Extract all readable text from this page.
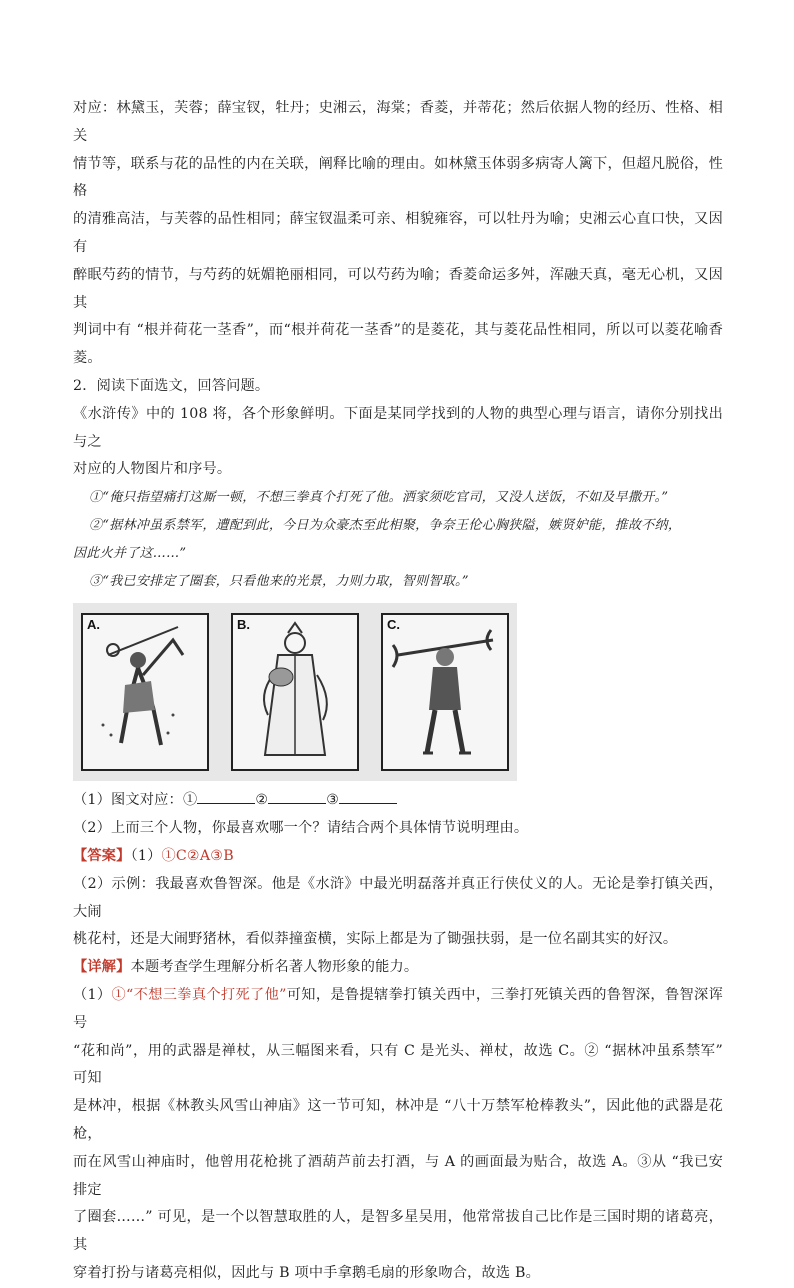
对应：林黛玉，芙蓉；薛宝钗，牡丹；史湘云，海棠；香菱，并蒂花；然后依据人物的经历、性格、相关

情节等，联系与花的品性的内在关联，阐释比喻的理由。如林黛玉体弱多病寄人篱下，但超凡脱俗，性格

的清雅高洁，与芙蓉的品性相同；薛宝钗温柔可亲、相貌雍容，可以牡丹为喻；史湘云心直口快，又因有

醉眠芍药的情节，与芍药的妩媚艳丽相同，可以芍药为喻；香菱命运多舛，浑融天真，毫无心机，又因其

判词中有 “根并荷花一茎香”，而“根并荷花一茎香”的是菱花，其与菱花品性相同，所以可以菱花喻香菱。

2．阅读下面选文，回答问题。

《水浒传》中的 108 将，各个形象鲜明。下面是某同学找到的人物的典型心理与语言，请你分别找出与之

对应的人物图片和序号。

①“俺只指望痛打这厮一顿，不想三拳真个打死了他。洒家须吃官司，又没人送饭，不如及早撒开。”

②“据林冲虽系禁军，遭配到此，今日为众豪杰至此相聚，争奈王伦心胸狭隘，嫉贤妒能，推故不纳，

因此火并了这……”

③“我已安排定了圈套，只看他来的光景，力则力取，智则智取。”

A.	B.	C.

（1）图文对应：①	②	③

（2）上而三个人物，你最喜欢哪一个？请结合两个具体情节说明理由。

【答案】（1）①C②A③B

（2）示例：我最喜欢鲁智深。他是《水浒》中最光明磊落并真正行侠仗义的人。无论是拳打镇关西，大闹

桃花村，还是大闹野猪林，看似莽撞蛮横，实际上都是为了锄强扶弱，是一位名副其实的好汉。

【详解】本题考查学生理解分析名著人物形象的能力。

（1）①“不想三拳真个打死了他”可知，是鲁提辖拳打镇关西中，三拳打死镇关西的鲁智深，鲁智深诨号

“花和尚”，用的武器是禅杖，从三幅图来看，只有 C 是光头、禅杖，故选 C。② “据林冲虽系禁军” 可知

是林冲，根据《林教头风雪山神庙》这一节可知，林冲是 “八十万禁军枪棒教头”，因此他的武器是花枪，

而在风雪山神庙时，他曾用花枪挑了酒葫芦前去打酒，与 A 的画面最为贴合，故选 A。③从 “我已安排定

了圈套……” 可见，是一个以智慧取胜的人，是智多星吴用，他常常拔自己比作是三国时期的诸葛亮，其

穿着打扮与诸葛亮相似，因此与 B 项中手拿鹅毛扇的形象吻合，故选 B。
